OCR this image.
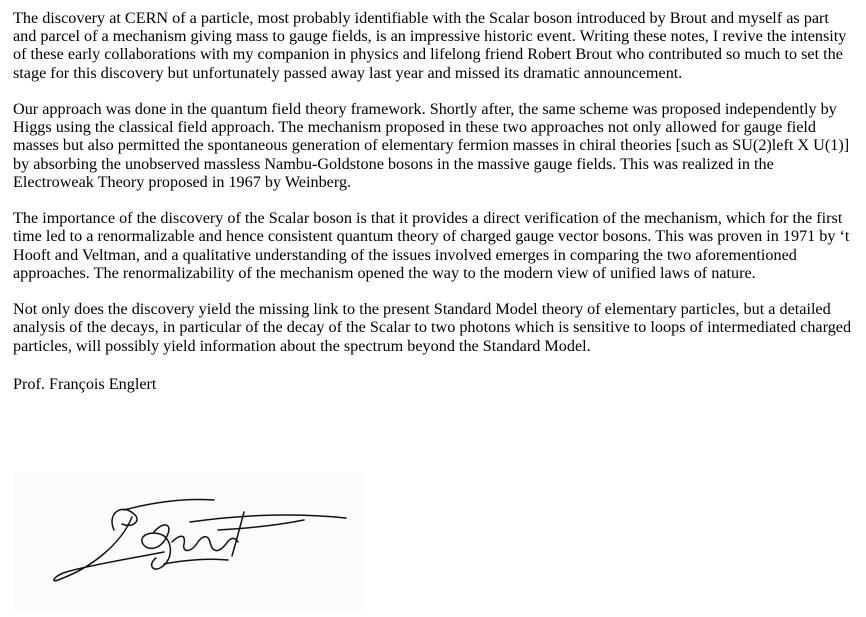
The discovery at CERN of a particle, most probably identifiable with the Scalar boson introduced by Brout and myself as part and parcel of a mechanism giving mass to gauge fields, is an impressive historic event. Writing these notes, I revive the intensity of these early collaborations with my companion in physics and lifelong friend Robert Brout who contributed so much to set the stage for this discovery but unfortunately passed away last year and missed its dramatic announcement.

Our approach was done in the quantum field theory framework. Shortly after, the same scheme was proposed independently by Higgs using the classical field approach. The mechanism proposed in these two approaches not only allowed for gauge field masses but also permitted the spontaneous generation of elementary fermion masses in chiral theories [such as SU(2)left X U(1)] by absorbing the unobserved massless Nambu-Goldstone bosons in the massive gauge fields. This was realized in the Electroweak Theory proposed in 1967 by Weinberg.

The importance of the discovery of the Scalar boson is that it provides a direct verification of the mechanism, which for the first time led to a renormalizable and hence consistent quantum theory of charged gauge vector bosons. This was proven in 1971 by ‘t Hooft and Veltman, and a qualitative understanding of the issues involved emerges in comparing the two aforementioned approaches. The renormalizability of the mechanism opened the way to the modern view of unified laws of nature.

Not only does the discovery yield the missing link to the present Standard Model theory of elementary particles, but a detailed analysis of the decays, in particular of the decay of the Scalar to two photons which is sensitive to loops of intermediated charged particles, will possibly yield information about the spectrum beyond the Standard Model.

Prof. François Englert
